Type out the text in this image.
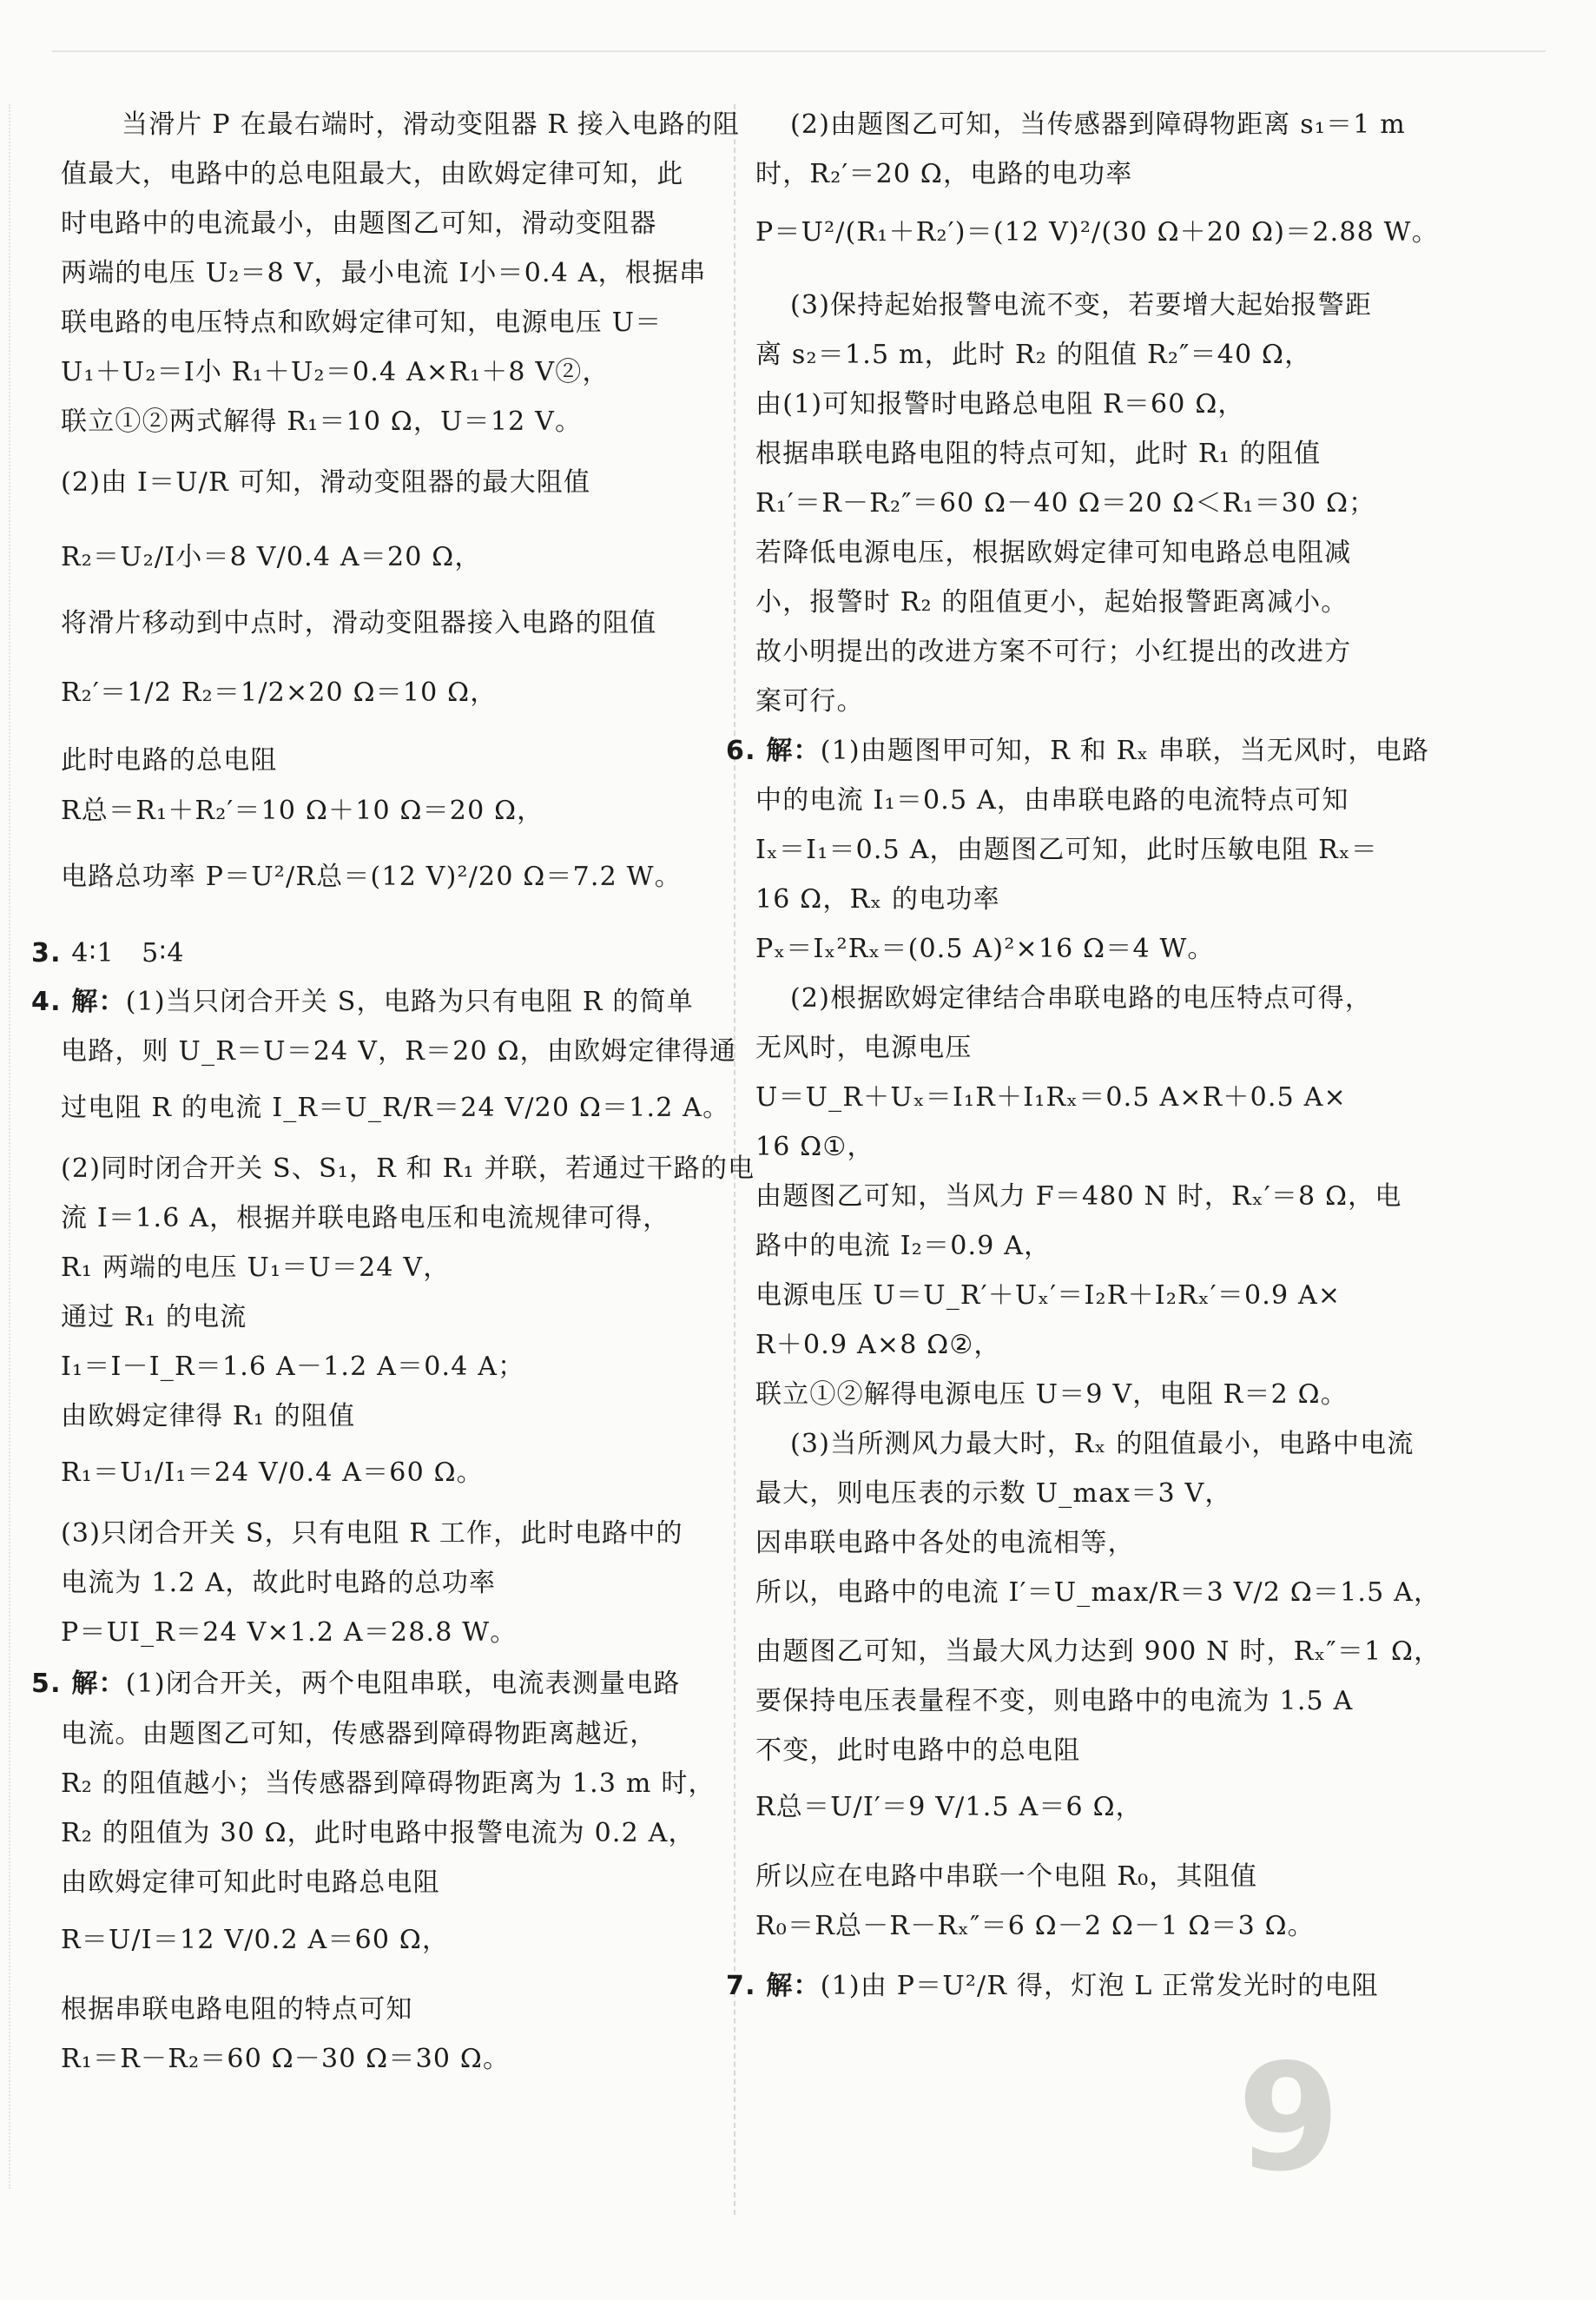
当滑片 P 在最右端时，滑动变阻器 R 接入电路的阻
值最大，电路中的总电阻最大，由欧姆定律可知，此
时电路中的电流最小，由题图乙可知，滑动变阻器
两端的电压 U₂＝8 V，最小电流 I小＝0.4 A，根据串
联电路的电压特点和欧姆定律可知，电源电压 U＝
U₁＋U₂＝I小 R₁＋U₂＝0.4 A×R₁＋8 V②，
联立①②两式解得 R₁＝10 Ω，U＝12 V。
(2)由 I＝U/R 可知，滑动变阻器的最大阻值
R₂＝U₂/I小＝8 V/0.4 A＝20 Ω，
将滑片移动到中点时，滑动变阻器接入电路的阻值
R₂′＝1/2 R₂＝1/2×20 Ω＝10 Ω，
此时电路的总电阻
R总＝R₁＋R₂′＝10 Ω＋10 Ω＝20 Ω，
电路总功率 P＝U²/R总＝(12 V)²/20 Ω＝7.2 W。
3. 4∶1　5∶4
4. 解：(1)当只闭合开关 S，电路为只有电阻 R 的简单
电路，则 U_R＝U＝24 V，R＝20 Ω，由欧姆定律得通
过电阻 R 的电流 I_R＝U_R/R＝24 V/20 Ω＝1.2 A。
(2)同时闭合开关 S、S₁，R 和 R₁ 并联，若通过干路的电
流 I＝1.6 A，根据并联电路电压和电流规律可得，
R₁ 两端的电压 U₁＝U＝24 V，
通过 R₁ 的电流
I₁＝I－I_R＝1.6 A－1.2 A＝0.4 A；
由欧姆定律得 R₁ 的阻值
R₁＝U₁/I₁＝24 V/0.4 A＝60 Ω。
(3)只闭合开关 S，只有电阻 R 工作，此时电路中的
电流为 1.2 A，故此时电路的总功率
P＝UI_R＝24 V×1.2 A＝28.8 W。
5. 解：(1)闭合开关，两个电阻串联，电流表测量电路
电流。由题图乙可知，传感器到障碍物距离越近，
R₂ 的阻值越小；当传感器到障碍物距离为 1.3 m 时，
R₂ 的阻值为 30 Ω，此时电路中报警电流为 0.2 A，
由欧姆定律可知此时电路总电阻
R＝U/I＝12 V/0.2 A＝60 Ω，
根据串联电路电阻的特点可知
R₁＝R－R₂＝60 Ω－30 Ω＝30 Ω。
(2)由题图乙可知，当传感器到障碍物距离 s₁＝1 m
时，R₂′＝20 Ω，电路的电功率
P＝U²/(R₁＋R₂′)＝(12 V)²/(30 Ω＋20 Ω)＝2.88 W。
(3)保持起始报警电流不变，若要增大起始报警距
离 s₂＝1.5 m，此时 R₂ 的阻值 R₂″＝40 Ω，
由(1)可知报警时电路总电阻 R＝60 Ω，
根据串联电路电阻的特点可知，此时 R₁ 的阻值
R₁′＝R－R₂″＝60 Ω－40 Ω＝20 Ω＜R₁＝30 Ω；
若降低电源电压，根据欧姆定律可知电路总电阻减
小，报警时 R₂ 的阻值更小，起始报警距离减小。
故小明提出的改进方案不可行；小红提出的改进方
案可行。
6. 解：(1)由题图甲可知，R 和 Rₓ 串联，当无风时，电路
中的电流 I₁＝0.5 A，由串联电路的电流特点可知
Iₓ＝I₁＝0.5 A，由题图乙可知，此时压敏电阻 Rₓ＝
16 Ω，Rₓ 的电功率
Pₓ＝Iₓ²Rₓ＝(0.5 A)²×16 Ω＝4 W。
(2)根据欧姆定律结合串联电路的电压特点可得，
无风时，电源电压
U＝U_R＋Uₓ＝I₁R＋I₁Rₓ＝0.5 A×R＋0.5 A×
16 Ω①，
由题图乙可知，当风力 F＝480 N 时，Rₓ′＝8 Ω，电
路中的电流 I₂＝0.9 A，
电源电压 U＝U_R′＋Uₓ′＝I₂R＋I₂Rₓ′＝0.9 A×
R＋0.9 A×8 Ω②，
联立①②解得电源电压 U＝9 V，电阻 R＝2 Ω。
(3)当所测风力最大时，Rₓ 的阻值最小，电路中电流
最大，则电压表的示数 U_max＝3 V，
因串联电路中各处的电流相等，
所以，电路中的电流 I′＝U_max/R＝3 V/2 Ω＝1.5 A，
由题图乙可知，当最大风力达到 900 N 时，Rₓ″＝1 Ω，
要保持电压表量程不变，则电路中的电流为 1.5 A
不变，此时电路中的总电阻
R总＝U/I′＝9 V/1.5 A＝6 Ω，
所以应在电路中串联一个电阻 R₀，其阻值
R₀＝R总－R－Rₓ″＝6 Ω－2 Ω－1 Ω＝3 Ω。
7. 解：(1)由 P＝U²/R 得，灯泡 L 正常发光时的电阻
9
